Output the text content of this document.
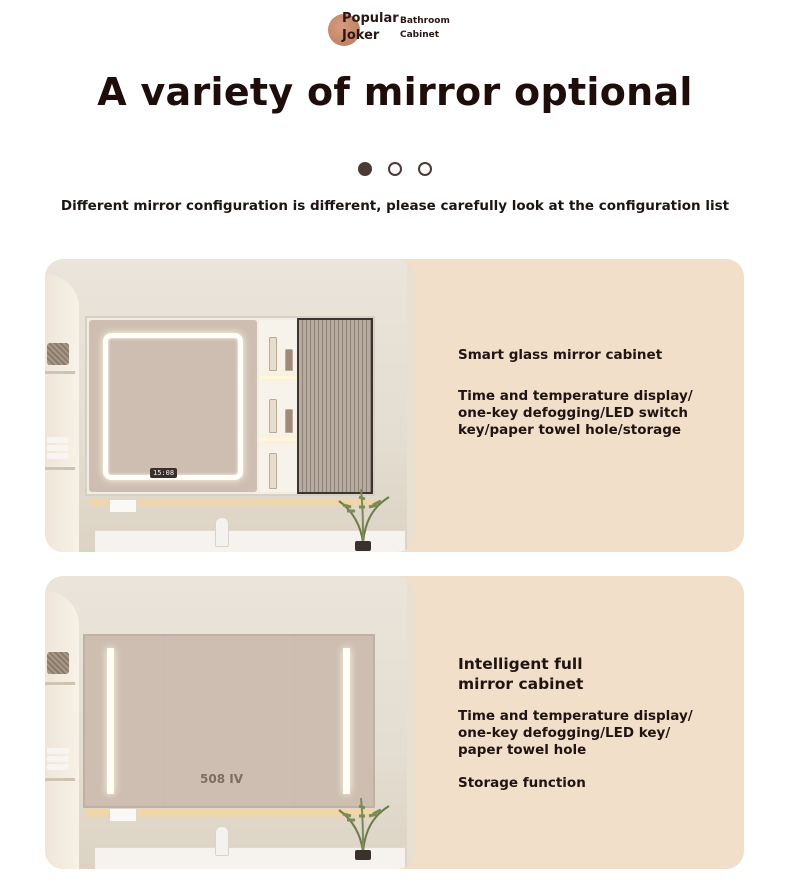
Popular
Joker
Bathroom
Cabinet
A variety of mirror optional

Different mirror configuration is different, please carefully look at the configuration list

15:08
Smart glass mirror cabinet
Time and temperature display/
one-key defogging/LED switch
key/paper towel hole/storage
508 IV
Intelligent full
mirror cabinet
Time and temperature display/
one-key defogging/LED key/
paper towel hole
Storage function
